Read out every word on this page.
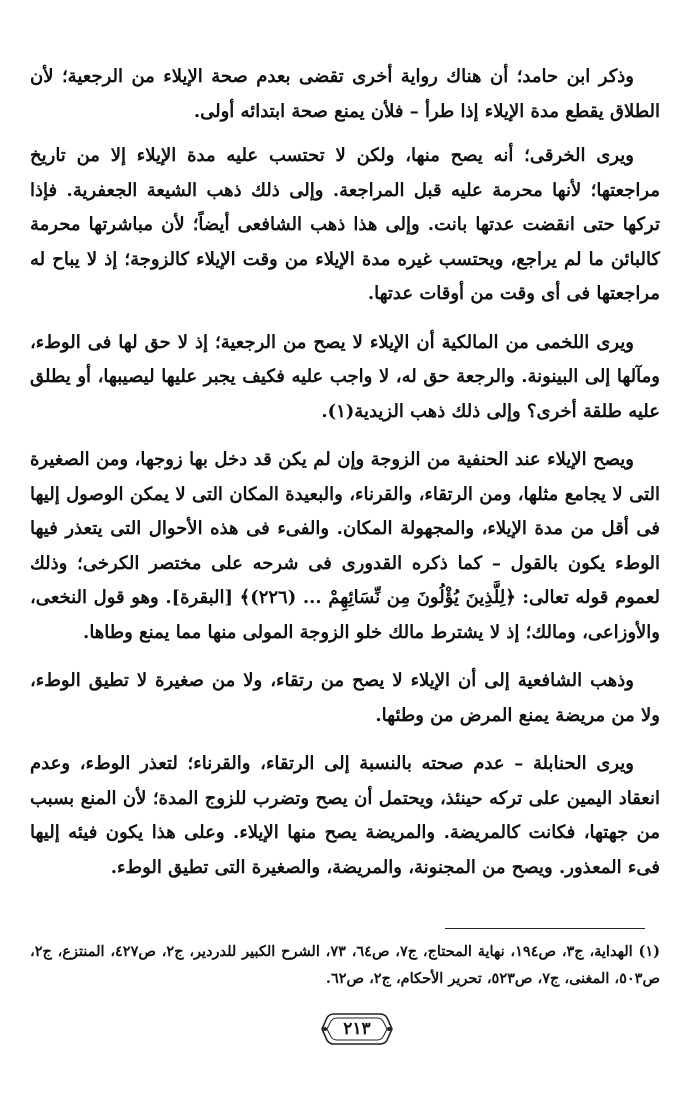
وذكر ابن حامد؛ أن هناك رواية أخرى تقضى بعدم صحة الإيلاء من الرجعية؛ لأن الطلاق يقطع مدة الإيلاء إذا طرأ – فلأن يمنع صحة ابتدائه أولى.

ويرى الخرقى؛ أنه يصح منها، ولكن لا تحتسب عليه مدة الإيلاء إلا من تاريخ مراجعتها؛ لأنها محرمة عليه قبل المراجعة. وإلى ذلك ذهب الشيعة الجعفرية. فإذا تركها حتى انقضت عدتها بانت. وإلى هذا ذهب الشافعى أيضاً؛ لأن مباشرتها محرمة كالبائن ما لم يراجع، ويحتسب غيره مدة الإيلاء من وقت الإيلاء كالزوجة؛ إذ لا يباح له مراجعتها فى أى وقت من أوقات عدتها.

ويرى اللخمى من المالكية أن الإيلاء لا يصح من الرجعية؛ إذ لا حق لها فى الوطء، ومآلها إلى البينونة. والرجعة حق له، لا واجب عليه فكيف يجبر عليها ليصيبها، أو يطلق عليه طلقة أخرى؟ وإلى ذلك ذهب الزيدية(١).

ويصح الإيلاء عند الحنفية من الزوجة وإن لم يكن قد دخل بها زوجها، ومن الصغيرة التى لا يجامع مثلها، ومن الرتقاء، والقرناء، والبعيدة المكان التى لا يمكن الوصول إليها فى أقل من مدة الإيلاء، والمجهولة المكان. والفىء فى هذه الأحوال التى يتعذر فيها الوطء يكون بالقول – كما ذكره القدورى فى شرحه على مختصر الكرخى؛ وذلك لعموم قوله تعالى: ﴿لِلَّذِينَ يُؤْلُونَ مِن نِّسَائِهِمْ ... (٢٢٦)﴾ [البقرة]. وهو قول النخعى، والأوزاعى، ومالك؛ إذ لا يشترط مالك خلو الزوجة المولى منها مما يمنع وطاها.

وذهب الشافعية إلى أن الإيلاء لا يصح من رتقاء، ولا من صغيرة لا تطيق الوطء، ولا من مريضة يمنع المرض من وطئها.

ويرى الحنابلة – عدم صحته بالنسبة إلى الرتقاء، والقرناء؛ لتعذر الوطء، وعدم انعقاد اليمين على تركه حينئذ، ويحتمل أن يصح وتضرب للزوج المدة؛ لأن المنع بسبب من جهتها، فكانت كالمريضة. والمريضة يصح منها الإيلاء. وعلى هذا يكون فيئه إليها فىء المعذور. ويصح من المجنونة، والمريضة، والصغيرة التى تطيق الوطء.

(١) الهداية، ج٣، ص١٩٤، نهاية المحتاج، ج٧، ص٦٤، ٧٣، الشرح الكبير للدردير، ج٢، ص٤٢٧، المنتزع، ج٢، ص٥٠٣، المغنى، ج٧، ص٥٢٣، تحرير الأحكام، ج٢، ص٦٢.
٢١٣
